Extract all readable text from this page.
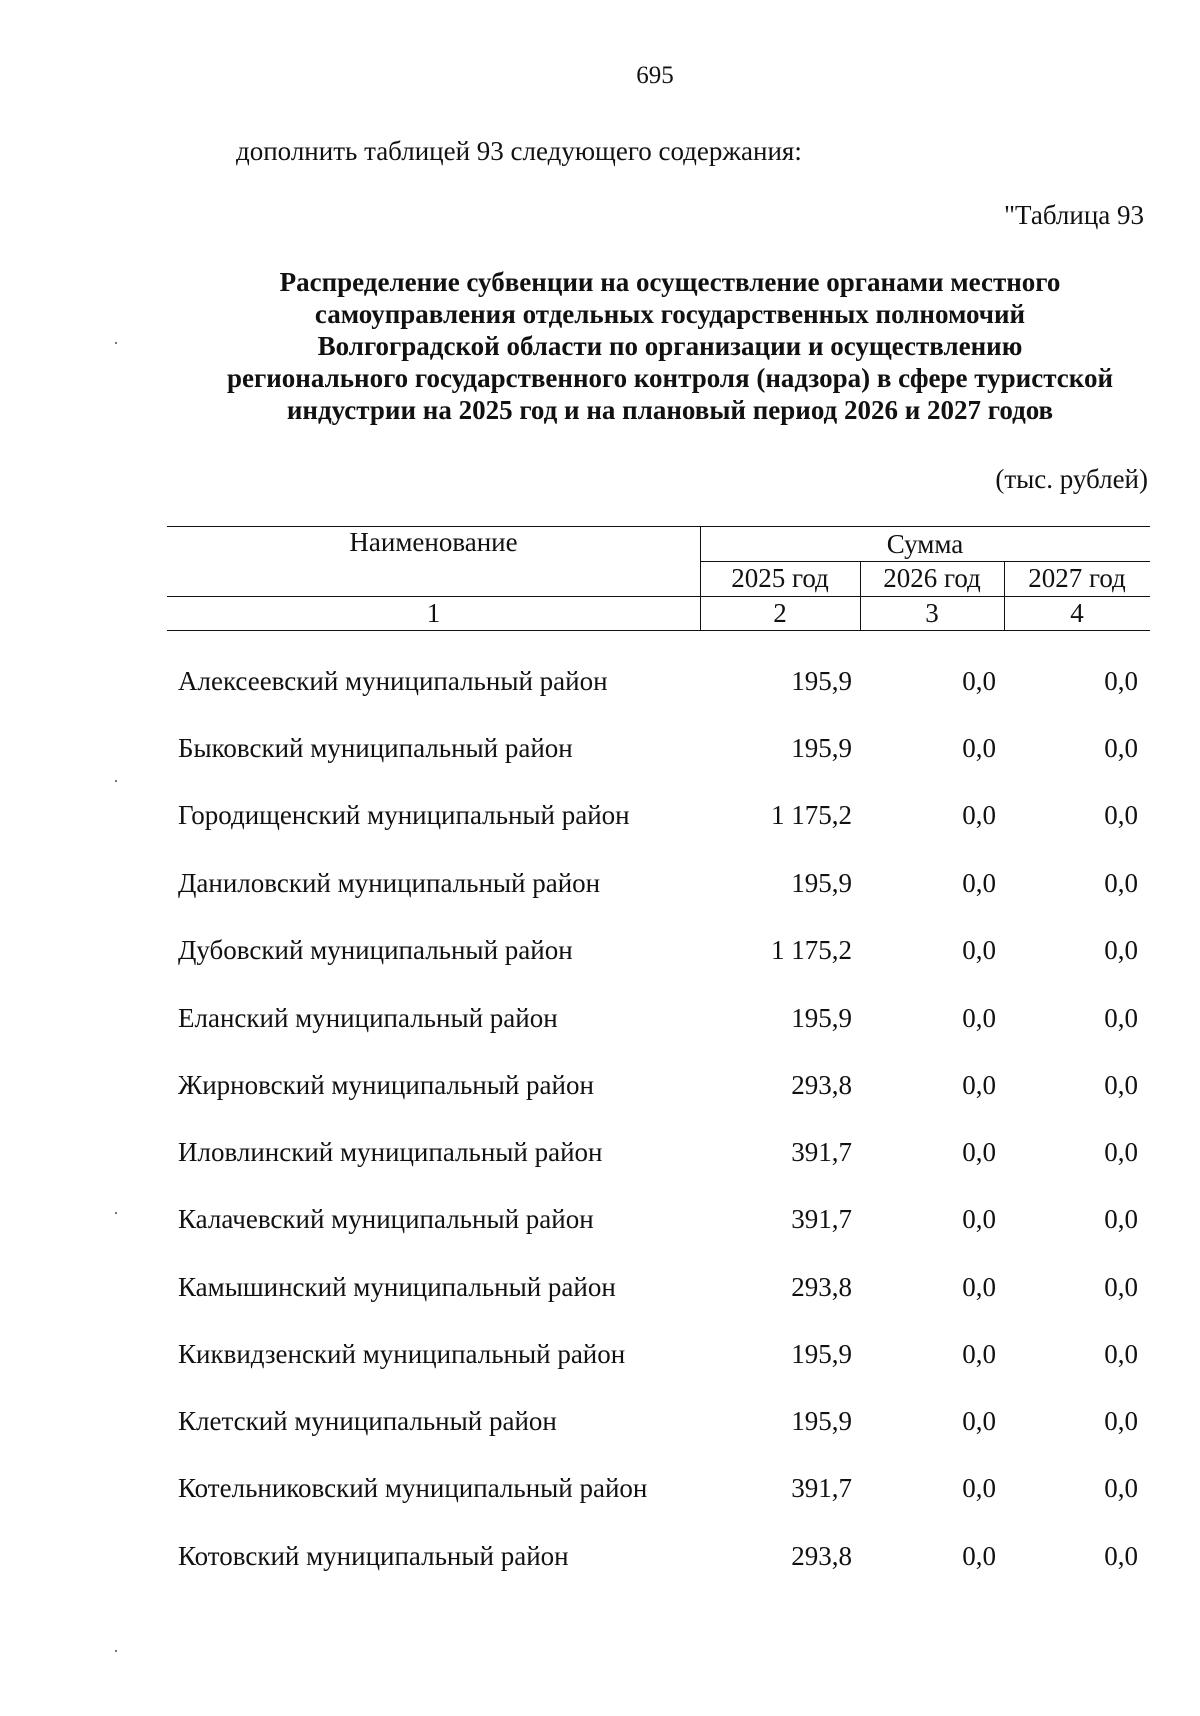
695
дополнить таблицей 93 следующего содержания:
"Таблица 93
Распределение субвенции на осуществление органами местного
самоуправления отдельных государственных полномочий
Волгоградской области по организации и осуществлению
регионального государственного контроля (надзора) в сфере туристской
индустрии на 2025 год и на плановый период 2026 и 2027 годов
(тыс. рублей)
Наименование	Сумма
2025 год	2026 год	2027 год
1	2	3	4
Алексеевский муниципальный район	195,9	0,0	0,0
Быковский муниципальный район	195,9	0,0	0,0
Городищенский муниципальный район	1 175,2	0,0	0,0
Даниловский муниципальный район	195,9	0,0	0,0
Дубовский муниципальный район	1 175,2	0,0	0,0
Еланский муниципальный район	195,9	0,0	0,0
Жирновский муниципальный район	293,8	0,0	0,0
Иловлинский муниципальный район	391,7	0,0	0,0
Калачевский муниципальный район	391,7	0,0	0,0
Камышинский муниципальный район	293,8	0,0	0,0
Киквидзенский муниципальный район	195,9	0,0	0,0
Клетский муниципальный район	195,9	0,0	0,0
Котельниковский муниципальный район	391,7	0,0	0,0
Котовский муниципальный район	293,8	0,0	0,0
